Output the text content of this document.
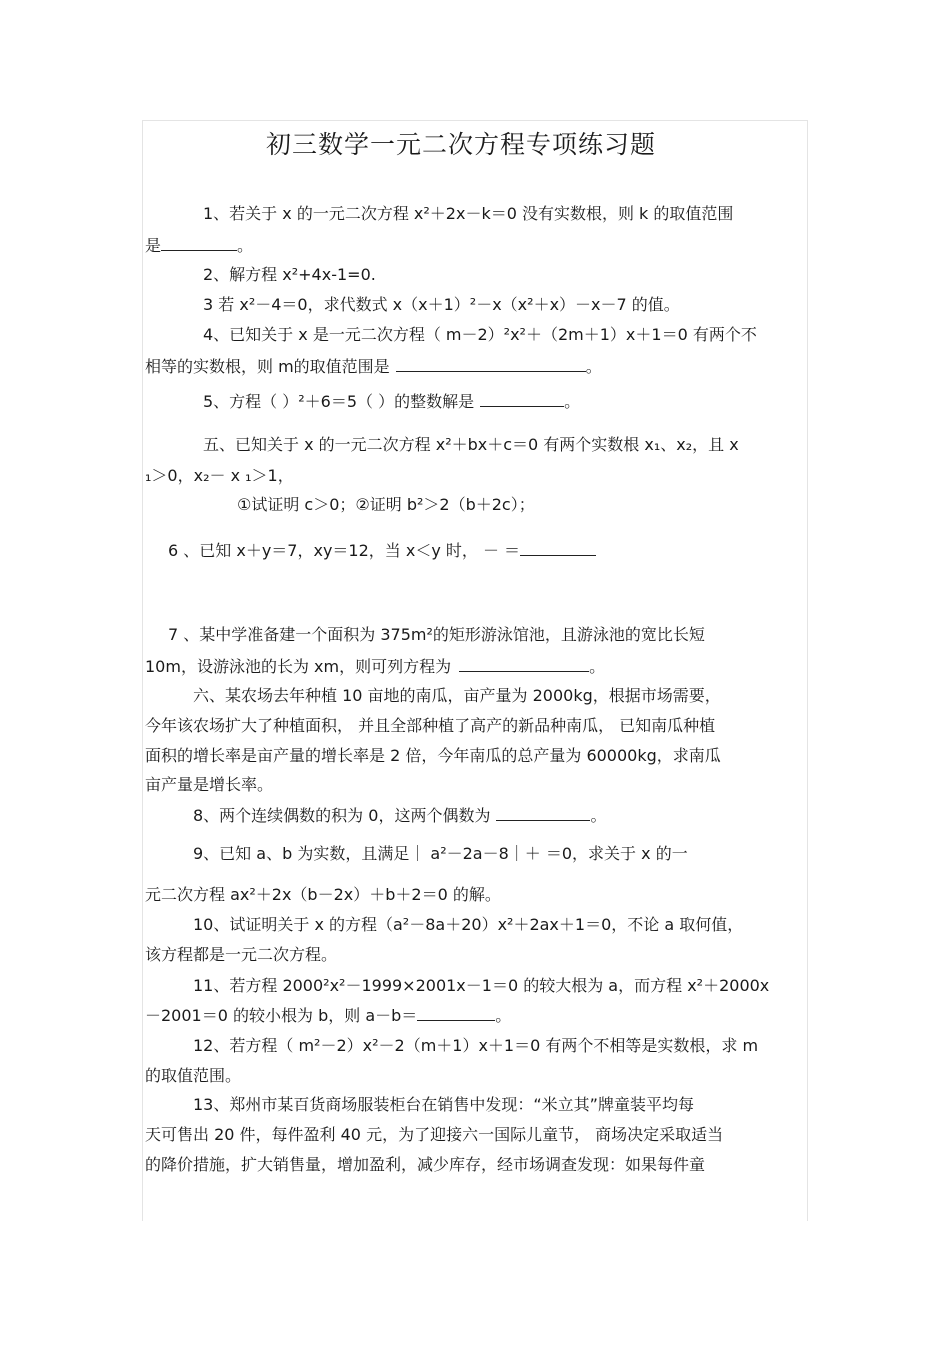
初三数学一元二次方程专项练习题
1、若关于 x 的一元二次方程 x²＋2x－k＝0 没有实数根，则 k 的取值范围
是	。
2、解方程 x²+4x-1=0.
3 若 x²－4＝0，求代数式 x（x＋1）²－x（x²＋x）－x－7 的值。
4、已知关于 x 是一元二次方程（ m－2）²x²＋（2m＋1）x＋1＝0 有两个不
相等的实数根，则 m的取值范围是	。
5、方程（ ）²＋6＝5（ ）的整数解是	。
五、已知关于 x 的一元二次方程 x²＋bx＋c＝0 有两个实数根 x₁、x₂，且 x
₁＞0，x₂－ x ₁＞1，
①试证明 c＞0；②证明 b²＞2（b＋2c）；
6 、已知 x＋y＝7，xy＝12，当 x＜y 时， － ＝
7 、某中学准备建一个面积为 375m²的矩形游泳馆池，且游泳池的宽比长短
10m，设游泳池的长为 xm，则可列方程为	。
六、某农场去年种植 10 亩地的南瓜，亩产量为 2000kg，根据市场需要，
今年该农场扩大了种植面积， 并且全部种植了高产的新品种南瓜， 已知南瓜种植
面积的增长率是亩产量的增长率是 2 倍，今年南瓜的总产量为 60000kg，求南瓜
亩产量是增长率。
8、两个连续偶数的积为 0，这两个偶数为	。
9、已知 a、b 为实数，且满足｜ a²－2a－8｜＋ ＝0，求关于 x 的一
元二次方程 ax²＋2x（b－2x）＋b＋2＝0 的解。
10、试证明关于 x 的方程（a²－8a＋20）x²＋2ax＋1＝0，不论 a 取何值，
该方程都是一元二次方程。
11、若方程 2000²x²－1999×2001x－1＝0 的较大根为 a，而方程 x²＋2000x
－2001＝0 的较小根为 b，则 a－b＝	。
12、若方程（ m²－2）x²－2（m＋1）x＋1＝0 有两个不相等是实数根，求 m
的取值范围。
13、郑州市某百货商场服装柜台在销售中发现：“米立其”牌童装平均每
天可售出 20 件，每件盈利 40 元，为了迎接六一国际儿童节， 商场决定采取适当
的降价措施，扩大销售量，增加盈利，减少库存，经市场调查发现：如果每件童
